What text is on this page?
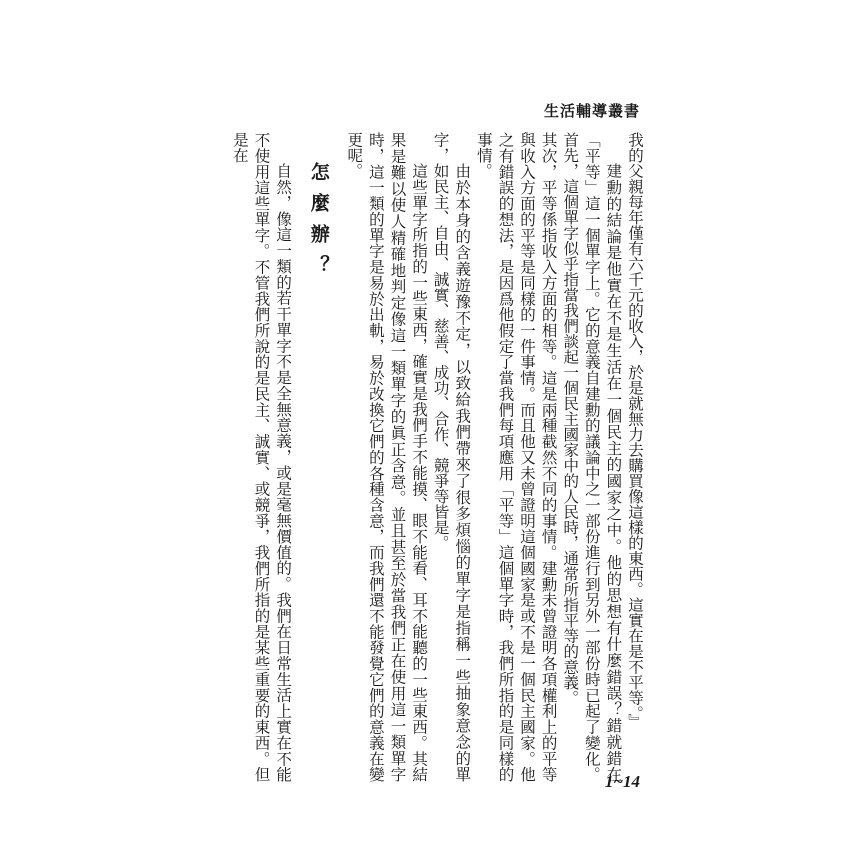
生活輔導叢書

我的父親每年僅有六千元的收入，於是就無力去購買像這樣的東西。這實在是不平等。』

建勳的結論是他實在不是生活在一個民主的國家之中。他的思想有什麼錯誤？錯就錯在「平等」這一個單字上。它的意義自建勳的議論中之一部份進行到另外一部份時已起了變化。首先，這個單字似乎指當我們談起一個民主國家中的人民時，通常所指平等的意義。

其次，平等係指收入方面的相等。這是兩種截然不同的事情。建勳未曾證明各項權利上的平等與收入方面的平等是同樣的一件事情。而且他又未曾證明這個國家是或不是一個民主國家。他之有錯誤的想法，是因爲他假定了當我們每項應用「平等」這個單字時，我們所指的是同樣的事情。

由於本身的含義遊豫不定，以致給我們帶來了很多煩惱的單字是指稱一些抽象意念的單字，如民主、自由、誠實、慈善、成功、合作、競爭等皆是。

這些單字所指的一些東西，確實是我們手不能摸、眼不能看、耳不能聽的一些東西。其結果是難以使人精確地判定像這一類單字的眞正含意。並且甚至於當我們正在使用這一類單字時，這一類的單字是易於出軌，易於改換它們的各種含意，而我們還不能發覺它們的意義在變更呢。

怎麼辦？

自然，像這一類的若干單字不是全無意義，或是毫無價值的。我們在日常生活上實在不能不使用這些單字。不管我們所說的是民主、誠實、或競爭，我們所指的是某些重要的東西。但是在

1~14
